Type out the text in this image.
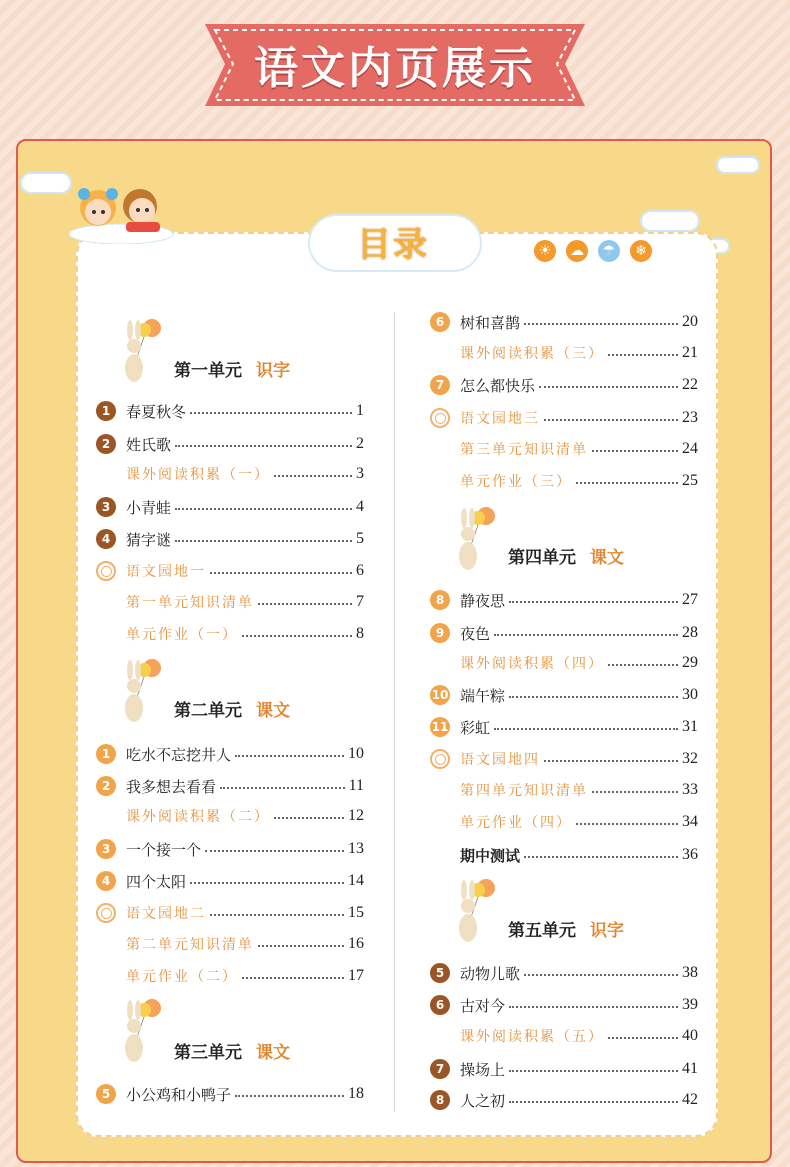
语文内页展示
目录	☀	☁	☂	❄
第一单元 识字
第二单元 课文
第三单元 课文
第四单元 课文
第五单元 识字
1	春夏秋冬	1
2	姓氏歌	2
课外阅读积累（一）	3
3	小青蛙	4
4	猜字谜	5
语文园地一	6
第一单元知识清单	7
单元作业（一）	8
1	吃水不忘挖井人	10
2	我多想去看看	11
课外阅读积累（二）	12
3	一个接一个	13
4	四个太阳	14
语文园地二	15
第二单元知识清单	16
单元作业（二）	17
5	小公鸡和小鸭子	18
6	树和喜鹊	20
课外阅读积累（三）	21
7	怎么都快乐	22
语文园地三	23
第三单元知识清单	24
单元作业（三）	25
8	静夜思	27
9	夜色	28
课外阅读积累（四）	29
10 端午粽	30
11 彩虹	31
语文园地四	32
第四单元知识清单	33
单元作业（四）	34
期中测试	36
5	动物儿歌	38
6	古对今	39
课外阅读积累（五）	40
7	操场上	41
8	人之初	42
